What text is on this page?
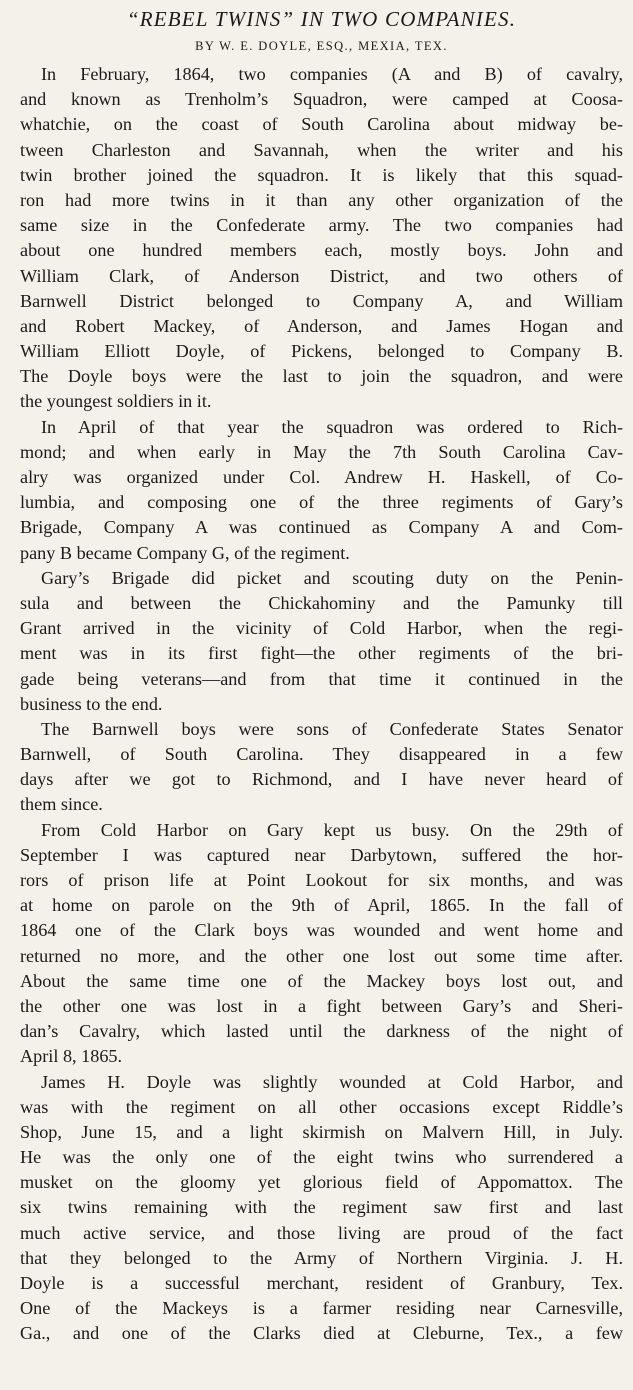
“REBEL TWINS” IN TWO COMPANIES.
BY W. E. DOYLE, ESQ., MEXIA, TEX.

In February, 1864, two companies (A and B) of cavalry,
and known as Trenholm’s Squadron, were camped at Coosa-
whatchie, on the coast of South Carolina about midway be-
tween Charleston and Savannah, when the writer and his
twin brother joined the squadron. It is likely that this squad-
ron had more twins in it than any other organization of the
same size in the Confederate army. The two companies had
about one hundred members each, mostly boys. John and
William Clark, of Anderson District, and two others of
Barnwell District belonged to Company A, and William
and Robert Mackey, of Anderson, and James Hogan and
William Elliott Doyle, of Pickens, belonged to Company B.
The Doyle boys were the last to join the squadron, and were
the youngest soldiers in it.

In April of that year the squadron was ordered to Rich-
mond; and when early in May the 7th South Carolina Cav-
alry was organized under Col. Andrew H. Haskell, of Co-
lumbia, and composing one of the three regiments of Gary’s
Brigade, Company A was continued as Company A and Com-
pany B became Company G, of the regiment.

Gary’s Brigade did picket and scouting duty on the Penin-
sula and between the Chickahominy and the Pamunky till
Grant arrived in the vicinity of Cold Harbor, when the regi-
ment was in its first fight—the other regiments of the bri-
gade being veterans—and from that time it continued in the
business to the end.

The Barnwell boys were sons of Confederate States Senator
Barnwell, of South Carolina. They disappeared in a few
days after we got to Richmond, and I have never heard of
them since.

From Cold Harbor on Gary kept us busy. On the 29th of
September I was captured near Darbytown, suffered the hor-
rors of prison life at Point Lookout for six months, and was
at home on parole on the 9th of April, 1865. In the fall of
1864 one of the Clark boys was wounded and went home and
returned no more, and the other one lost out some time after.
About the same time one of the Mackey boys lost out, and
the other one was lost in a fight between Gary’s and Sheri-
dan’s Cavalry, which lasted until the darkness of the night of
April 8, 1865.

James H. Doyle was slightly wounded at Cold Harbor, and
was with the regiment on all other occasions except Riddle’s
Shop, June 15, and a light skirmish on Malvern Hill, in July.
He was the only one of the eight twins who surrendered a
musket on the gloomy yet glorious field of Appomattox. The
six twins remaining with the regiment saw first and last
much active service, and those living are proud of the fact
that they belonged to the Army of Northern Virginia. J. H.
Doyle is a successful merchant, resident of Granbury, Tex.
One of the Mackeys is a farmer residing near Carnesville,
Ga., and one of the Clarks died at Cleburne, Tex., a few
